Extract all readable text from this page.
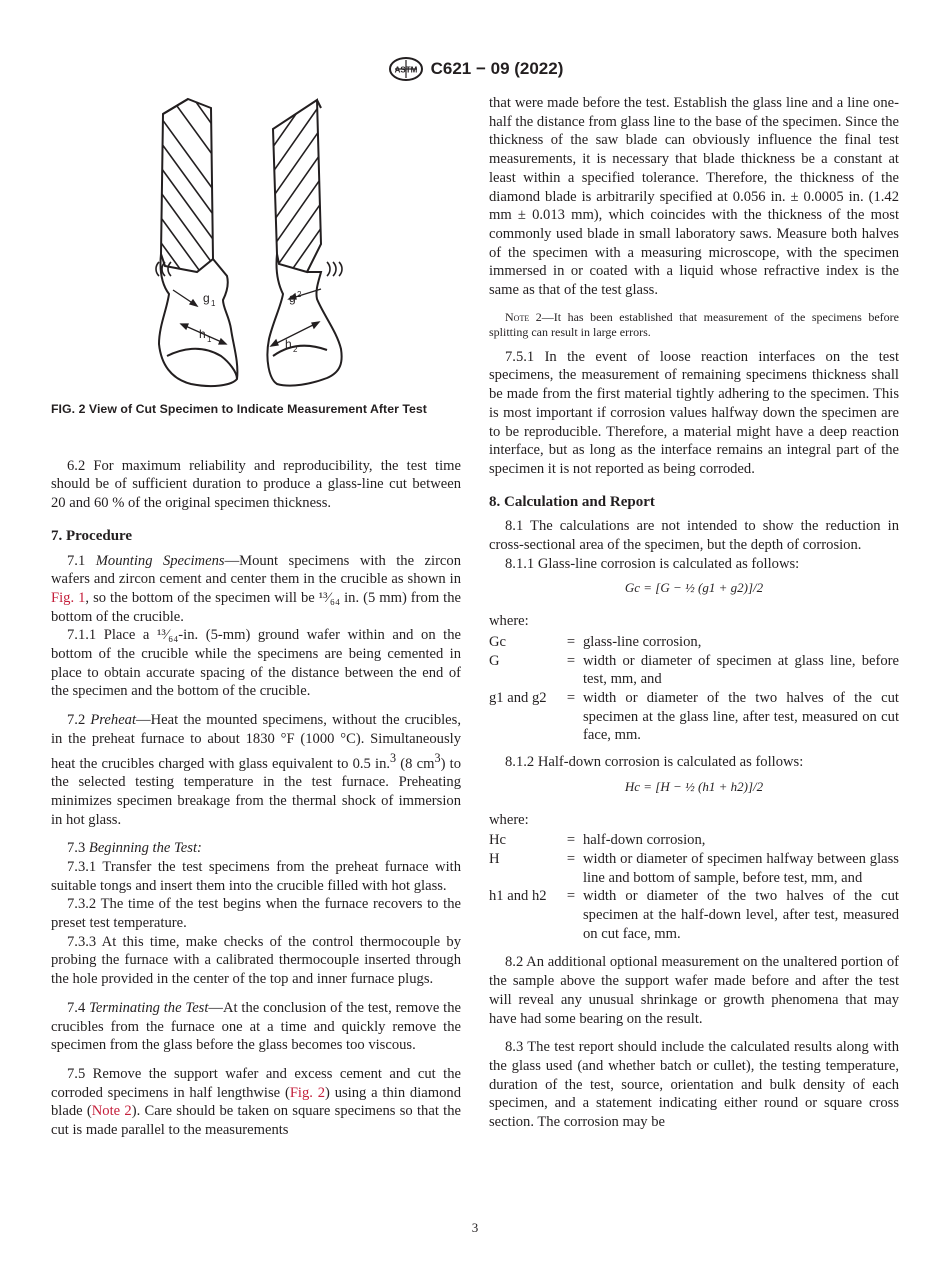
ASTM C621 − 09 (2022)
g 1
h 1
g 2
h 2
FIG. 2 View of Cut Specimen to Indicate Measurement After Test

6.2 For maximum reliability and reproducibility, the test time should be of sufficient duration to produce a glass-line cut between 20 and 60 % of the original specimen thickness.

7. Procedure

7.1 Mounting Specimens—Mount specimens with the zircon wafers and zircon cement and center them in the crucible as shown in Fig. 1, so the bottom of the specimen will be ¹³⁄₆₄ in. (5 mm) from the bottom of the crucible.

7.1.1 Place a ¹³⁄₆₄-in. (5-mm) ground wafer within and on the bottom of the crucible while the specimens are being cemented in place to obtain accurate spacing of the distance between the end of the specimen and the bottom of the crucible.

7.2 Preheat—Heat the mounted specimens, without the crucibles, in the preheat furnace to about 1830 °F (1000 °C). Simultaneously heat the crucibles charged with glass equivalent to 0.5 in.$^3$ (8 $cm^3$) to the selected testing temperature in the test furnace. Preheating minimizes specimen breakage from the thermal shock of immersion in hot glass.

7.3 Beginning the Test:

7.3.1 Transfer the test specimens from the preheat furnace with suitable tongs and insert them into the crucible filled with hot glass.

7.3.2 The time of the test begins when the furnace recovers to the preset test temperature.

7.3.3 At this time, make checks of the control thermocouple by probing the furnace with a calibrated thermocouple inserted through the hole provided in the center of the top and inner furnace plugs.

7.4 Terminating the Test—At the conclusion of the test, remove the crucibles from the furnace one at a time and quickly remove the specimen from the glass before the glass becomes too viscous.

7.5 Remove the support wafer and excess cement and cut the corroded specimens in half lengthwise (Fig. 2) using a thin diamond blade (Note 2). Care should be taken on square specimens so that the cut is made parallel to the measurements

that were made before the test. Establish the glass line and a line one-half the distance from glass line to the base of the specimen. Since the thickness of the saw blade can obviously influence the final test measurements, it is necessary that blade thickness be a constant at least within a specified tolerance. Therefore, the thickness of the diamond blade is arbitrarily specified at 0.056 in. ± 0.0005 in. (1.42 mm ± 0.013 mm), which coincides with the thickness of the most commonly used blade in small laboratory saws. Measure both halves of the specimen with a measuring microscope, with the specimen immersed in or coated with a liquid whose refractive index is the same as that of the test glass.

Note 2—It has been established that measurement of the specimens before splitting can result in large errors.

7.5.1 In the event of loose reaction interfaces on the test specimens, the measurement of remaining specimens thickness shall be made from the first material tightly adhering to the specimen. This is most important if corrosion values halfway down the specimen are to be reproducible. Therefore, a material might have a deep reaction interface, but as long as the interface remains an integral part of the specimen it is not reported as being corroded.

8. Calculation and Report

8.1 The calculations are not intended to show the reduction in cross-sectional area of the specimen, but the depth of corrosion.

8.1.1 Glass-line corrosion is calculated as follows:

Gc = [G − ½ (g1 + g2)]/2

where:

Gc	=	glass-line corrosion,
G	=	width or diameter of specimen at glass line, before test, mm, and
g1 and g2	=	width or diameter of the two halves of the cut specimen at the glass line, after test, measured on cut face, mm.

8.1.2 Half-down corrosion is calculated as follows:

Hc = [H − ½ (h1 + h2)]/2

where:

Hc	=	half-down corrosion,
H	=	width or diameter of specimen halfway between glass line and bottom of sample, before test, mm, and
h1 and h2	=	width or diameter of the two halves of the cut specimen at the half-down level, after test, measured on cut face, mm.

8.2 An additional optional measurement on the unaltered portion of the sample above the support wafer made before and after the test will reveal any unusual shrinkage or growth phenomena that may have had some bearing on the result.

8.3 The test report should include the calculated results along with the glass used (and whether batch or cullet), the testing temperature, duration of the test, source, orientation and bulk density of each specimen, and a statement indicating either round or square cross section. The corrosion may be

3
